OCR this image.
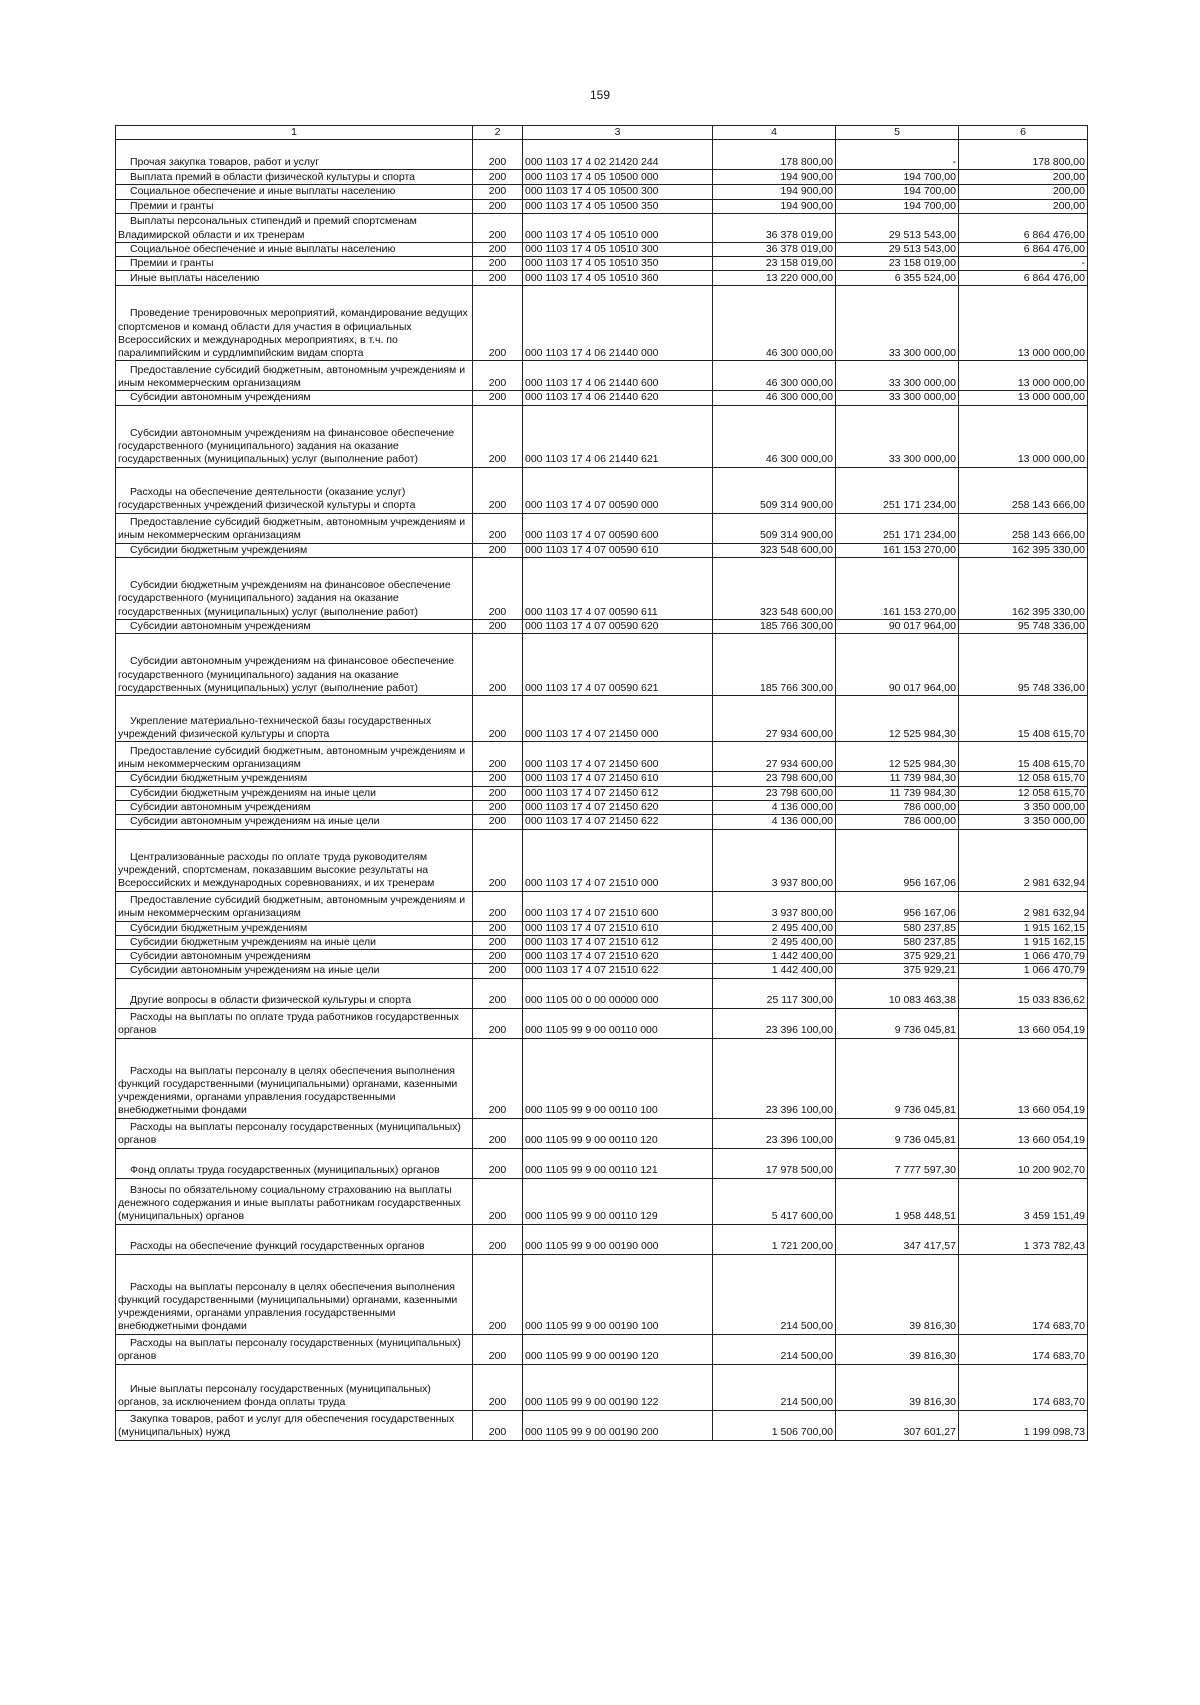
159
1	2	3	4	5	6

Прочая закупка товаров, работ и услуг	200	000 1103 17 4 02 21420 244	178 800,00	-	178 800,00

Выплата премий в области физической культуры и спорта	200	000 1103 17 4 05 10500 000	194 900,00	194 700,00	200,00

Социальное обеспечение и иные выплаты населению	200	000 1103 17 4 05 10500 300	194 900,00	194 700,00	200,00

Премии и гранты	200	000 1103 17 4 05 10500 350	194 900,00	194 700,00	200,00

Выплаты персональных стипендий и премий спортсменам Владимирской области и их тренерам	200	000 1103 17 4 05 10510 000	36 378 019,00	29 513 543,00	6 864 476,00

Социальное обеспечение и иные выплаты населению	200	000 1103 17 4 05 10510 300	36 378 019,00	29 513 543,00	6 864 476,00

Премии и гранты	200	000 1103 17 4 05 10510 350	23 158 019,00	23 158 019,00	-

Иные выплаты населению	200	000 1103 17 4 05 10510 360	13 220 000,00	6 355 524,00	6 864 476,00

Проведение тренировочных мероприятий, командирование ведущих спортсменов и команд области для участия в официальных Всероссийских и международных мероприятиях, в т.ч. по паралимпийским и сурдлимпийским видам спорта	200	000 1103 17 4 06 21440 000	46 300 000,00	33 300 000,00	13 000 000,00

Предоставление субсидий бюджетным, автономным учреждениям и иным некоммерческим организациям	200	000 1103 17 4 06 21440 600	46 300 000,00	33 300 000,00	13 000 000,00

Субсидии автономным учреждениям	200	000 1103 17 4 06 21440 620	46 300 000,00	33 300 000,00	13 000 000,00

Субсидии автономным учреждениям на финансовое обеспечение государственного (муниципального) задания на оказание государственных (муниципальных) услуг (выполнение работ)	200	000 1103 17 4 06 21440 621	46 300 000,00	33 300 000,00	13 000 000,00

Расходы на обеспечение деятельности (оказание услуг) государственных учреждений физической культуры и спорта	200	000 1103 17 4 07 00590 000	509 314 900,00	251 171 234,00	258 143 666,00

Предоставление субсидий бюджетным, автономным учреждениям и иным некоммерческим организациям	200	000 1103 17 4 07 00590 600	509 314 900,00	251 171 234,00	258 143 666,00

Субсидии бюджетным учреждениям	200	000 1103 17 4 07 00590 610	323 548 600,00	161 153 270,00	162 395 330,00

Субсидии бюджетным учреждениям на финансовое обеспечение государственного (муниципального) задания на оказание государственных (муниципальных) услуг (выполнение работ)	200	000 1103 17 4 07 00590 611	323 548 600,00	161 153 270,00	162 395 330,00

Субсидии автономным учреждениям	200	000 1103 17 4 07 00590 620	185 766 300,00	90 017 964,00	95 748 336,00

Субсидии автономным учреждениям на финансовое обеспечение государственного (муниципального) задания на оказание государственных (муниципальных) услуг (выполнение работ)	200	000 1103 17 4 07 00590 621	185 766 300,00	90 017 964,00	95 748 336,00

Укрепление материально-технической базы государственных учреждений физической культуры и спорта	200	000 1103 17 4 07 21450 000	27 934 600,00	12 525 984,30	15 408 615,70

Предоставление субсидий бюджетным, автономным учреждениям и иным некоммерческим организациям	200	000 1103 17 4 07 21450 600	27 934 600,00	12 525 984,30	15 408 615,70

Субсидии бюджетным учреждениям	200	000 1103 17 4 07 21450 610	23 798 600,00	11 739 984,30	12 058 615,70

Субсидии бюджетным учреждениям на иные цели	200	000 1103 17 4 07 21450 612	23 798 600,00	11 739 984,30	12 058 615,70

Субсидии автономным учреждениям	200	000 1103 17 4 07 21450 620	4 136 000,00	786 000,00	3 350 000,00

Субсидии автономным учреждениям на иные цели	200	000 1103 17 4 07 21450 622	4 136 000,00	786 000,00	3 350 000,00

Централизованные расходы по оплате труда руководителям учреждений, спортсменам, показавшим высокие результаты на Всероссийских и международных соревнованиях, и их тренерам	200	000 1103 17 4 07 21510 000	3 937 800,00	956 167,06	2 981 632,94

Предоставление субсидий бюджетным, автономным учреждениям и иным некоммерческим организациям	200	000 1103 17 4 07 21510 600	3 937 800,00	956 167,06	2 981 632,94

Субсидии бюджетным учреждениям	200	000 1103 17 4 07 21510 610	2 495 400,00	580 237,85	1 915 162,15

Субсидии бюджетным учреждениям на иные цели	200	000 1103 17 4 07 21510 612	2 495 400,00	580 237,85	1 915 162,15

Субсидии автономным учреждениям	200	000 1103 17 4 07 21510 620	1 442 400,00	375 929,21	1 066 470,79

Субсидии автономным учреждениям на иные цели	200	000 1103 17 4 07 21510 622	1 442 400,00	375 929,21	1 066 470,79

Другие вопросы в области физической культуры и спорта	200	000 1105 00 0 00 00000 000	25 117 300,00	10 083 463,38	15 033 836,62

Расходы на выплаты по оплате труда работников государственных органов	200	000 1105 99 9 00 00110 000	23 396 100,00	9 736 045,81	13 660 054,19

Расходы на выплаты персоналу в целях обеспечения выполнения функций государственными (муниципальными) органами, казенными учреждениями, органами управления государственными внебюджетными фондами	200	000 1105 99 9 00 00110 100	23 396 100,00	9 736 045,81	13 660 054,19

Расходы на выплаты персоналу государственных (муниципальных) органов	200	000 1105 99 9 00 00110 120	23 396 100,00	9 736 045,81	13 660 054,19

Фонд оплаты труда государственных (муниципальных) органов	200	000 1105 99 9 00 00110 121	17 978 500,00	7 777 597,30	10 200 902,70

Взносы по обязательному социальному страхованию на выплаты денежного содержания и иные выплаты работникам государственных (муниципальных) органов	200	000 1105 99 9 00 00110 129	5 417 600,00	1 958 448,51	3 459 151,49

Расходы на обеспечение функций государственных органов	200	000 1105 99 9 00 00190 000	1 721 200,00	347 417,57	1 373 782,43

Расходы на выплаты персоналу в целях обеспечения выполнения функций государственными (муниципальными) органами, казенными учреждениями, органами управления государственными внебюджетными фондами	200	000 1105 99 9 00 00190 100	214 500,00	39 816,30	174 683,70

Расходы на выплаты персоналу государственных (муниципальных) органов	200	000 1105 99 9 00 00190 120	214 500,00	39 816,30	174 683,70

Иные выплаты персоналу государственных (муниципальных) органов, за исключением фонда оплаты труда	200	000 1105 99 9 00 00190 122	214 500,00	39 816,30	174 683,70

Закупка товаров, работ и услуг для обеспечения государственных (муниципальных) нужд	200	000 1105 99 9 00 00190 200	1 506 700,00	307 601,27	1 199 098,73
